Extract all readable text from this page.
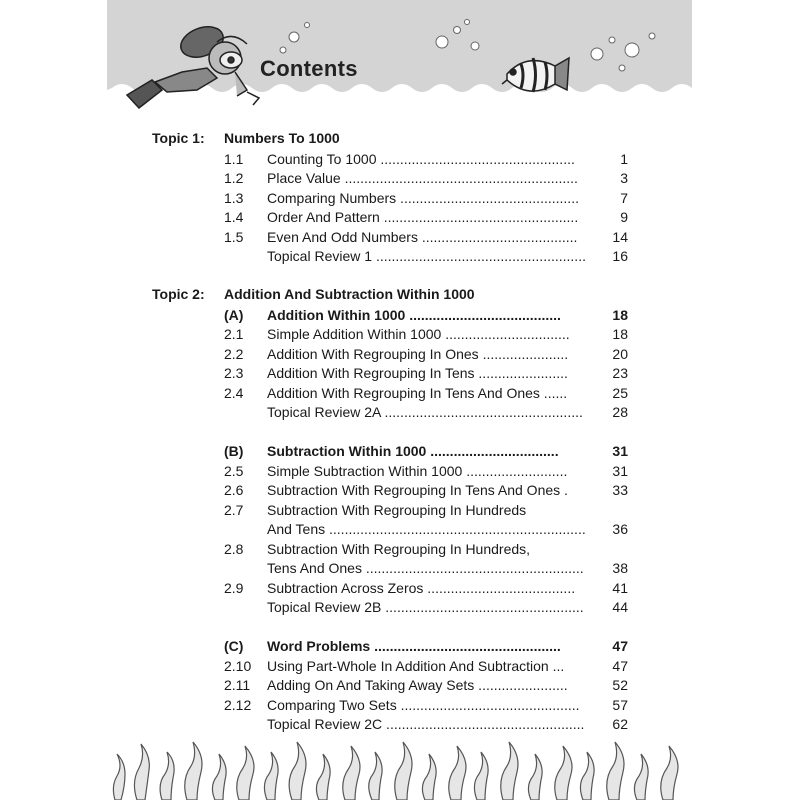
Contents
Topic 1: Numbers To 1000
1.1 Counting To 1000 ..................................................	1
1.2 Place Value ............................................................	3
1.3 Comparing Numbers ..............................................	7
1.4 Order And Pattern ..................................................	9
1.5 Even And Odd Numbers ........................................	14
Topical Review 1 ......................................................	16
Topic 2: Addition And Subtraction Within 1000
(A) Addition Within 1000 .......................................	18
2.1 Simple Addition Within 1000 ................................	18
2.2 Addition With Regrouping In Ones ......................	20
2.3 Addition With Regrouping In Tens .......................	23
2.4 Addition With Regrouping In Tens And Ones ......	25
Topical Review 2A ...................................................	28
(B) Subtraction Within 1000 .................................	31
2.5 Simple Subtraction Within 1000 ..........................	31
2.6 Subtraction With Regrouping In Tens And Ones .	33
2.7 Subtraction With Regrouping In Hundreds
And Tens ..................................................................	36
2.8 Subtraction With Regrouping In Hundreds,
Tens And Ones ........................................................	38
2.9 Subtraction Across Zeros ......................................	41
Topical Review 2B ...................................................	44
(C) Word Problems ................................................	47
2.10 Using Part-Whole In Addition And Subtraction ...	47
2.11 Adding On And Taking Away Sets .......................	52
2.12 Comparing Two Sets ..............................................	57
Topical Review 2C ...................................................	62
